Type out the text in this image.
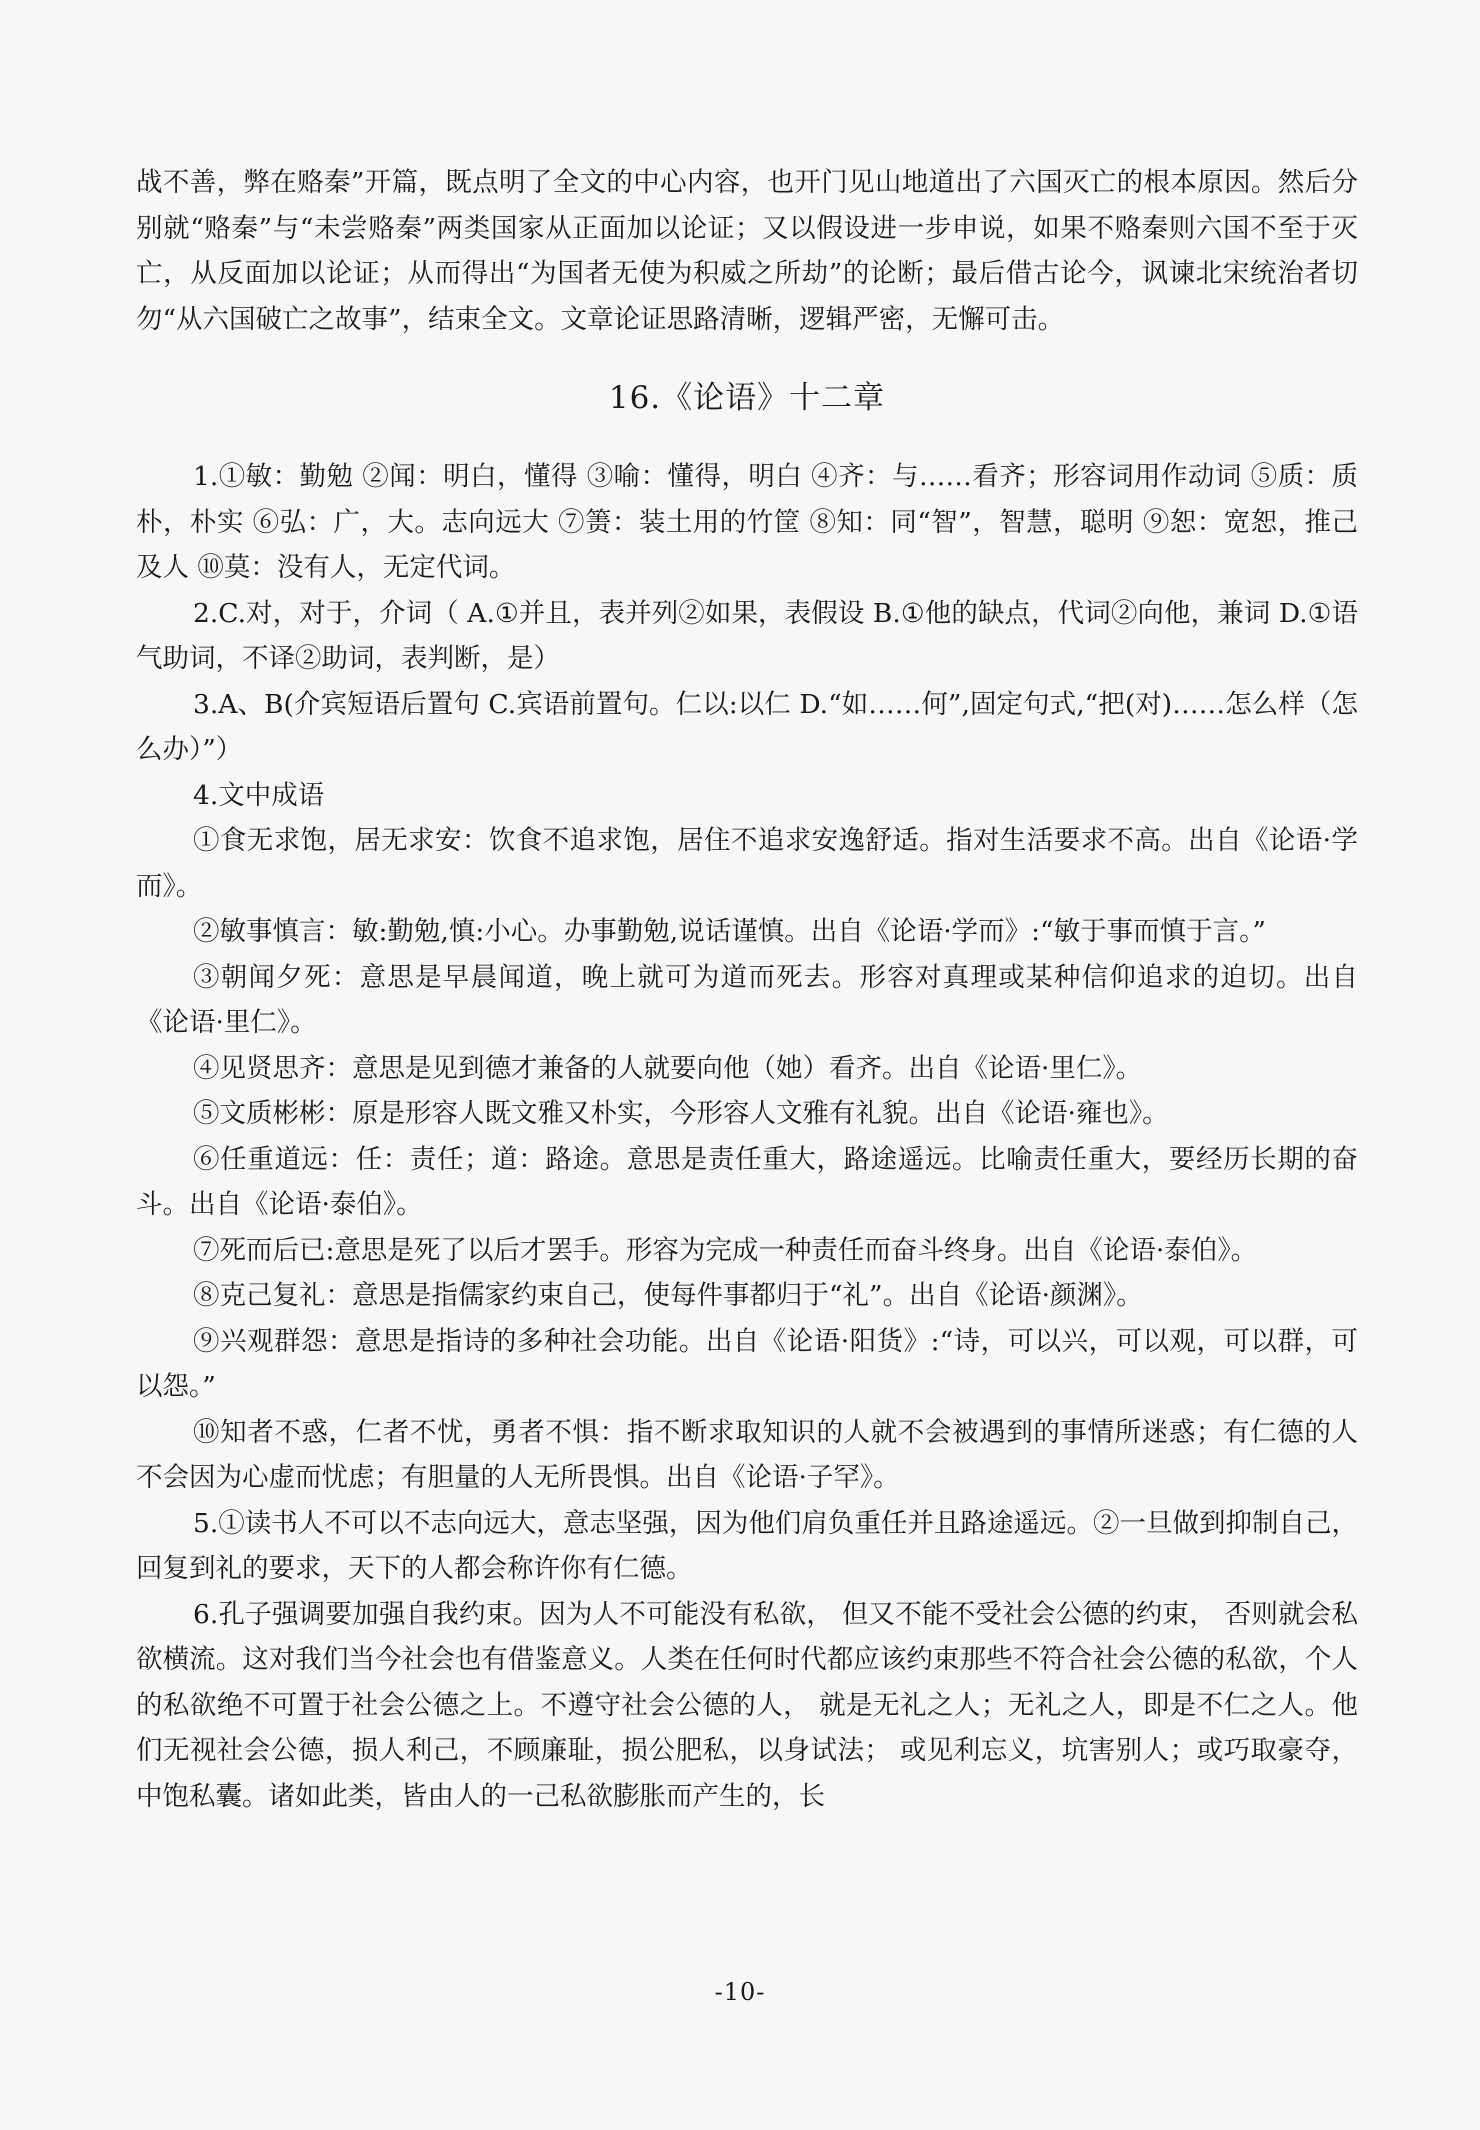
战不善，弊在赂秦”开篇，既点明了全文的中心内容，也开门见山地道出了六国灭亡的根本原因。然后分别就“赂秦”与“未尝赂秦”两类国家从正面加以论证；又以假设进一步申说，如果不赂秦则六国不至于灭亡，从反面加以论证；从而得出“为国者无使为积威之所劫”的论断；最后借古论今，讽谏北宋统治者切勿“从六国破亡之故事”，结束全文。文章论证思路清晰，逻辑严密，无懈可击。

16.《论语》十二章

1.①敏：勤勉 ②闻：明白，懂得 ③喻：懂得，明白 ④齐：与……看齐；形容词用作动词 ⑤质：质朴，朴实 ⑥弘：广，大。志向远大 ⑦箦：装土用的竹筐 ⑧知：同“智”，智慧，聪明 ⑨恕：宽恕，推己及人 ⑩莫：没有人，无定代词。

2.C.对，对于，介词（ A.①并且，表并列②如果，表假设 B.①他的缺点，代词②向他，兼词 D.①语气助词，不译②助词，表判断，是）

3.A、B(介宾短语后置句 C.宾语前置句。仁以:以仁 D.“如……何”,固定句式,“把(对)……怎么样（怎么办）”）

4.文中成语

①食无求饱，居无求安：饮食不追求饱，居住不追求安逸舒适。指对生活要求不高。出自《论语·学而》。

②敏事慎言：敏:勤勉,慎:小心。办事勤勉,说话谨慎。出自《论语·学而》:“敏于事而慎于言。”

③朝闻夕死：意思是早晨闻道，晚上就可为道而死去。形容对真理或某种信仰追求的迫切。出自《论语·里仁》。

④见贤思齐：意思是见到德才兼备的人就要向他（她）看齐。出自《论语·里仁》。

⑤文质彬彬：原是形容人既文雅又朴实，今形容人文雅有礼貌。出自《论语·雍也》。

⑥任重道远：任：责任；道：路途。意思是责任重大，路途遥远。比喻责任重大，要经历长期的奋斗。出自《论语·泰伯》。

⑦死而后已:意思是死了以后才罢手。形容为完成一种责任而奋斗终身。出自《论语·泰伯》。

⑧克己复礼：意思是指儒家约束自己，使每件事都归于“礼”。出自《论语·颜渊》。

⑨兴观群怨：意思是指诗的多种社会功能。出自《论语·阳货》:“诗，可以兴，可以观，可以群，可以怨。”

⑩知者不惑，仁者不忧，勇者不惧：指不断求取知识的人就不会被遇到的事情所迷惑；有仁德的人不会因为心虚而忧虑；有胆量的人无所畏惧。出自《论语·子罕》。

5.①读书人不可以不志向远大，意志坚强，因为他们肩负重任并且路途遥远。②一旦做到抑制自己，回复到礼的要求，天下的人都会称许你有仁德。

6.孔子强调要加强自我约束。因为人不可能没有私欲， 但又不能不受社会公德的约束， 否则就会私欲横流。这对我们当今社会也有借鉴意义。人类在任何时代都应该约束那些不符合社会公德的私欲，个人的私欲绝不可置于社会公德之上。不遵守社会公德的人， 就是无礼之人；无礼之人，即是不仁之人。他们无视社会公德，损人利己，不顾廉耻，损公肥私，以身试法； 或见利忘义，坑害别人；或巧取豪夺，中饱私囊。诸如此类，皆由人的一己私欲膨胀而产生的，长

-10-
